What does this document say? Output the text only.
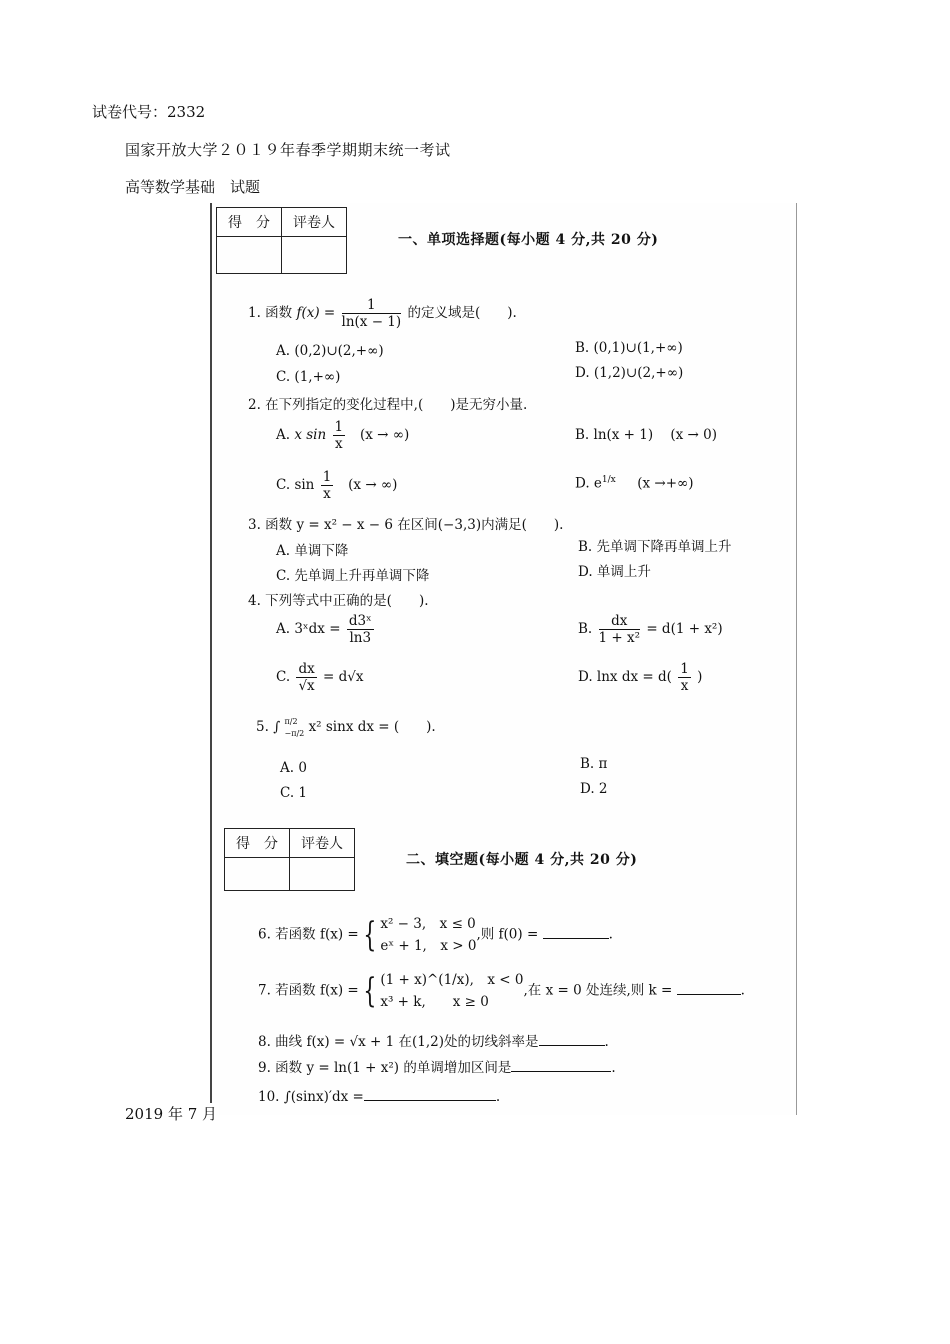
试卷代号：2332
国家开放大学２０１９年春季学期期末统一考试
高等数学基础　试题
得　分	评卷人

一、单项选择题(每小题 4 分,共 20 分)
1. 函数 $f(x) = \frac{1}{\ln(x - 1)}$ 的定义域是(　　).
A. (0,2)∪(2,+∞)	B. (0,1)∪(1,+∞)
C. (1,+∞)	D. (1,2)∪(2,+∞)
2. 在下列指定的变化过程中,(　　)是无穷小量.
A. x $\sin \frac{1}{x} (x$ → ∞)	B. ln(x + 1) (x → 0)
C. $\sin \frac{1}{x} (x$ → ∞)	D. $e^{1/x}$ (x →+∞)
3. 函数 y = x² − x − 6 在区间(−3,3)内满足(　　).
A. 单调下降	B. 先单调下降再单调上升
C. 先单调上升再单调下降	D. 单调上升
4. 下列等式中正确的是(　　).
A. 3ˣdx = $\frac{\text{d3ˣ}}{\ln 3}$	B. $\frac{dx}{\text{1 + x²}} = d(1 + x^2)$
C. $\frac{dx}{√x} = d√x$	D. lnx dx = $d( \frac{1}{x}$ )
5. ∫ π/2
−π/2 x² sinx dx = (　　).
A. 0	B. π
C. 1	D. 2
得　分	评卷人

二、填空题(每小题 4 分,共 20 分)
6. 若函数 f(x) = { x² − 3,　x ≤ 0
eˣ + 1,　x > 0
,则 f(0) =	.
7. 若函数 f(x) = { (1 + x)^(1/x),　x < 0
x³ + k,　　x ≥ 0
,在 x = 0 处连续,则 k =	.
8. 曲线 f(x) = √x + 1 在(1,2)处的切线斜率是	.
9. 函数 y = ln(1 + x²) 的单调增加区间是	.
10. ∫(sinx)′dx =	.
2019 年 7 月
